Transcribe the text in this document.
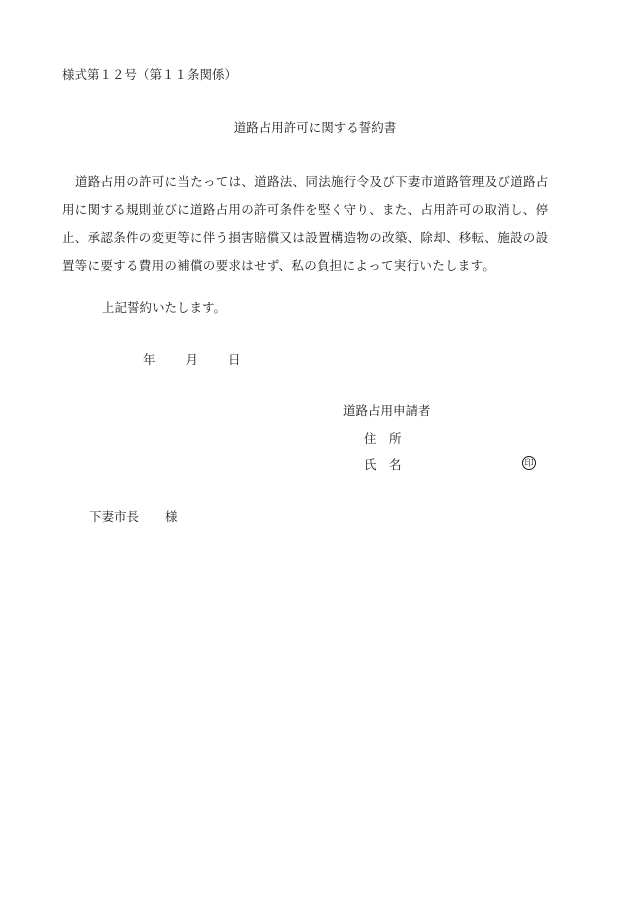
様式第１２号（第１１条関係）
道路占用許可に関する誓約書
道路占用の許可に当たっては、道路法、同法施行令及び下妻市道路管理及び道路占
用に関する規則並びに道路占用の許可条件を堅く守り、また、占用許可の取消し、停
止、承認条件の変更等に伴う損害賠償又は設置構造物の改築、除却、移転、施設の設
置等に要する費用の補償の要求はせず、私の負担によって実行いたします。
上記誓約いたします。
年 月 日
道路占用申請者
住　所
氏　名	印
下妻市長 様
